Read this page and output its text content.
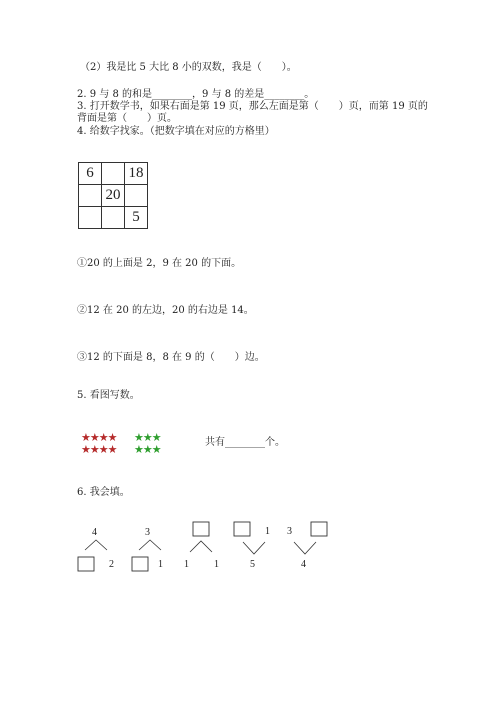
（2）我是比 5 大比 8 小的双数，我是（　　）。
2. 9 与 8 的和是________，9 与 8 的差是________。
3. 打开数学书，如果右面是第 19 页，那么左面是第（　　）页，而第 19 页的
背面是第（　　）页。
4. 给数字找家。（把数字填在对应的方格里）
6		18
	20	
		5
①20 的上面是 2，9 在 20 的下面。
②12 在 20 的左边，20 的右边是 14。
③12 的下面是 8，8 在 9 的（　　）边。
5. 看图写数。
★★★★
★★★★
★★★
★★★
共有________个。
6. 我会填。
4
2
3
1 1	1
1
5
3
4
